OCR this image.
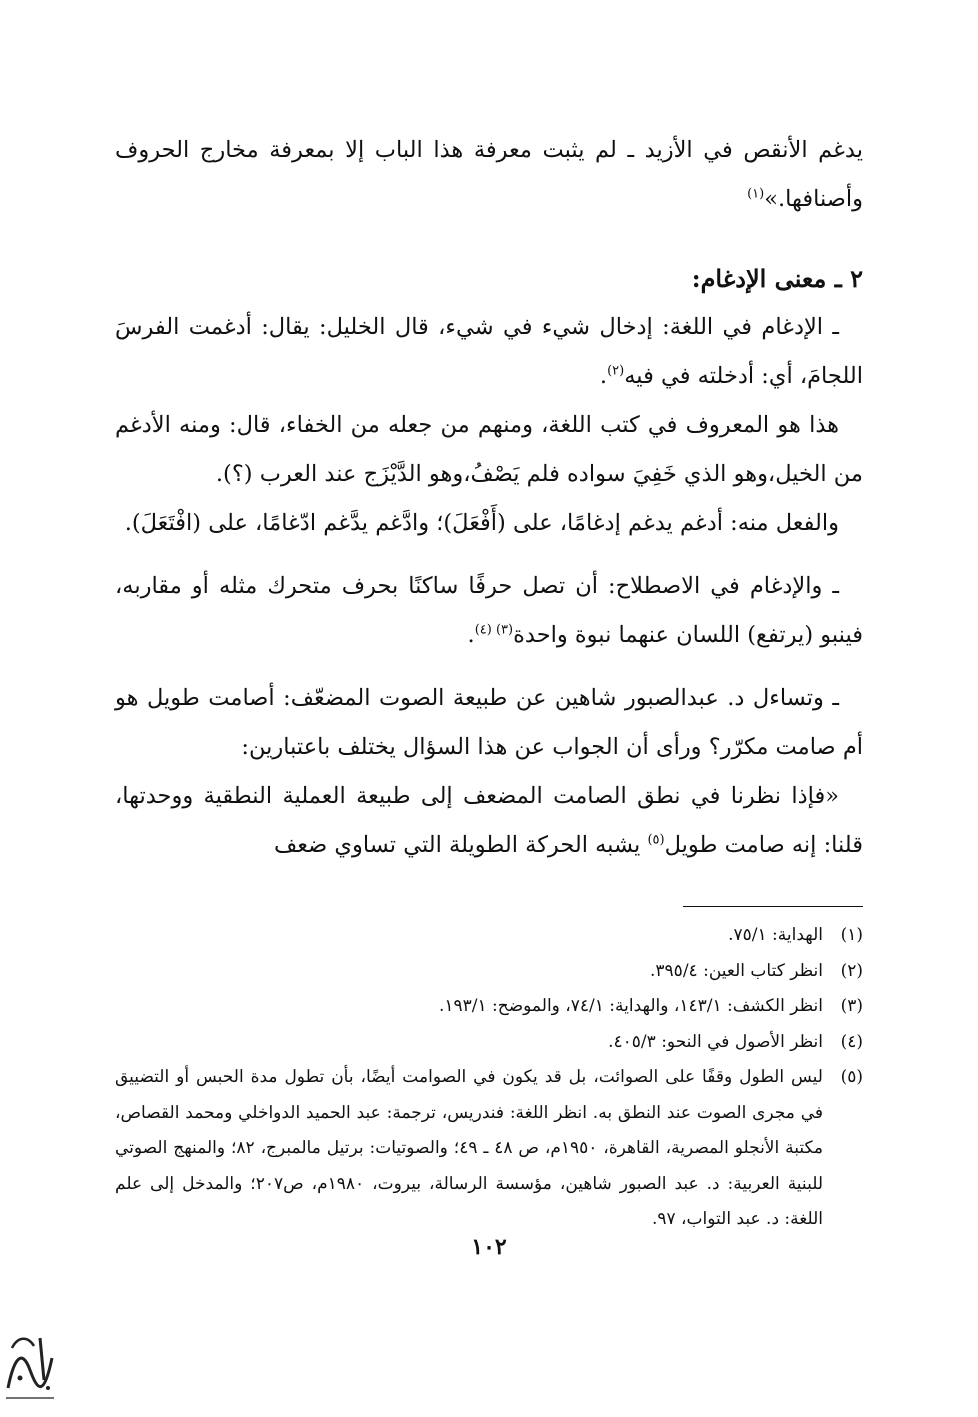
يدغم الأنقص في الأزيد ـ لم يثبت معرفة هذا الباب إلا بمعرفة مخارج الحروف وأصنافها.»$^{(١)}$

٢ ـ معنى الإدغام:

ـ الإدغام في اللغة: إدخال شيء في شيء، قال الخليل: يقال: أدغمت الفرسَ اللجامَ، أي: أدخلته في فيه$^{(٢)}$.

هذا هو المعروف في كتب اللغة، ومنهم من جعله من الخفاء، قال: ومنه الأدغم من الخيل،وهو الذي خَفِيَ سواده فلم يَصْفُ،وهو الدَّيْزَج عند العرب (؟).

والفعل منه: أدغم يدغم إدغامًا، على (أَفْعَلَ)؛ وادَّغم يدَّغم ادّغامًا، على (افْتَعَلَ).

ـ والإدغام في الاصطلاح: أن تصل حرفًا ساكنًا بحرف متحرك مثله أو مقاربه، فينبو (يرتفع) اللسان عنهما نبوة واحدة$^{(٣) (٤)}$.

ـ وتساءل د. عبدالصبور شاهين عن طبيعة الصوت المضعّف: أصامت طويل هو أم صامت مكرّر؟ ورأى أن الجواب عن هذا السؤال يختلف باعتبارين:

«فإذا نظرنا في نطق الصامت المضعف إلى طبيعة العملية النطقية ووحدتها، قلنا: إنه صامت طويل$^{(٥)}$ يشبه الحركة الطويلة التي تساوي ضعف

(١)
الهداية: ٧٥/١.
(٢)
انظر كتاب العين: ٣٩٥/٤.
(٣)
انظر الكشف: ١٤٣/١، والهداية: ٧٤/١، والموضح: ١٩٣/١.
(٤)
انظر الأصول في النحو: ٤٠٥/٣.
(٥)
ليس الطول وقفًا على الصوائت، بل قد يكون في الصوامت أيضًا، بأن تطول مدة الحبس أو التضييق في مجرى الصوت عند النطق به. انظر اللغة: فندريس، ترجمة: عبد الحميد الدواخلي ومحمد القصاص، مكتبة الأنجلو المصرية، القاهرة، ١٩٥٠م، ص ٤٨ ـ ٤٩؛ والصوتيات: برتيل مالمبرج، ٨٢؛ والمنهج الصوتي للبنية العربية: د. عبد الصبور شاهين، مؤسسة الرسالة، بيروت، ١٩٨٠م، ص٢٠٧؛ والمدخل إلى علم اللغة: د. عبد التواب، ٩٧.
١٠٢
